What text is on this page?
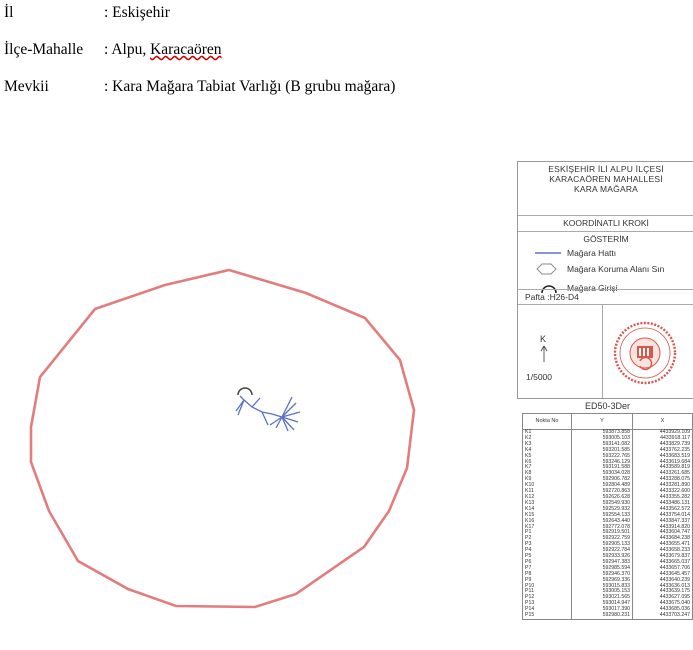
İl	: Eskişehir
İlçe-Mahalle : Alpu, Karacaören
Mevkii	: Kara Mağara Tabiat Varlığı (B grubu mağara)
ESKİŞEHİR İLİ ALPU İLÇESİ
KARACAÖREN MAHALLESİ
KARA MAĞARA
KOORDİNATLI KROKİ
GÖSTERİM
Mağara Hattı
Mağara Koruma Alanı Sın
Mağara Girişi
Pafta :H26-D4
K
1/5000
ED50-3Der
Nokta No	Y	X
K1	593873.858	4433929.109
K2	593005.103	4433918.117
K3	593141.082	4433829.739
K4	593201.585	4433762.235
K5	593222.765	4433683.519
K6	593246.129	4433619.684
K7	593191.588	4433589.819
K8	593034.028	4433261.685
K9	592906.782	4433288.075
K10	592804.489	4433281.890
K11	592720.863	4433322.600
K12	592626.628	4433355.282
K13	592549.930	4433486.131
K14	592529.932	4433562.572
K15	592554.133	4433754.014
K16	592643.440	4433847.337
K17	592772.078	4433914.820
P1	592919.501	4433604.747
P2	592922.759	4433684.238
P3	592905.133	4433655.471
P4	592922.784	4433658.233
P5	592933.926	4433679.837
P6	592947.383	4433665.037
P7	592985.594	4433657.706
P8	592946.370	4433645.457
P9	592969.336	4433640.239
P10	593015.833	4433636.013
P11	593005.153	4433639.175
P12	593021.565	4433627.095
P13	593014.947	4433675.040
P14	593017.390	4433685.036
P15	592980.231	4433703.247
